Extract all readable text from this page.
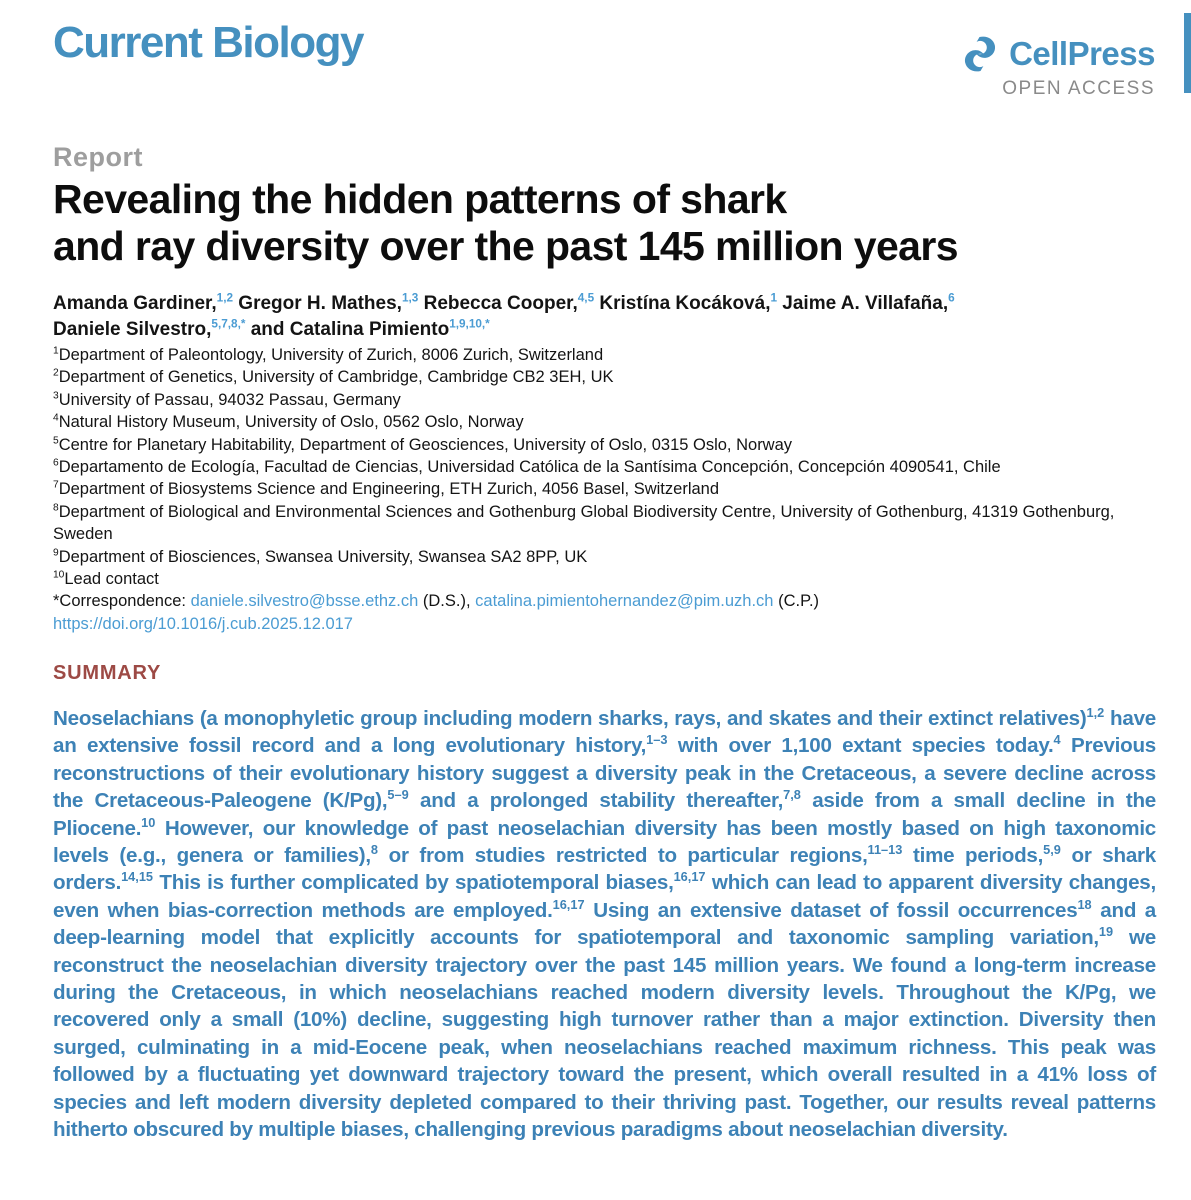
Current Biology	CellPress
OPEN ACCESS
Report
Revealing the hidden patterns of shark
and ray diversity over the past 145 million years
Amanda Gardiner,$^{1,2}$ Gregor H. Mathes,$^{1,3}$ Rebecca Cooper,$^{4,5}$ Kristína Kocáková,$^1$ Jaime A. Villafaña,$^6$
Daniele Silvestro,$^{5,7,8,*}$ and Catalina Pimiento$^{1,9,10,*}$
$^1$Department of Paleontology, University of Zurich, 8006 Zurich, Switzerland
$^2$Department of Genetics, University of Cambridge, Cambridge CB2 3EH, UK
$^3$University of Passau, 94032 Passau, Germany
$^4$Natural History Museum, University of Oslo, 0562 Oslo, Norway
$^5$Centre for Planetary Habitability, Department of Geosciences, University of Oslo, 0315 Oslo, Norway
$^6$Departamento de Ecología, Facultad de Ciencias, Universidad Católica de la Santísima Concepción, Concepción 4090541, Chile
$^7$Department of Biosystems Science and Engineering, ETH Zurich, 4056 Basel, Switzerland
$^8$Department of Biological and Environmental Sciences and Gothenburg Global Biodiversity Centre, University of Gothenburg, 41319 Gothenburg, Sweden
$^9$Department of Biosciences, Swansea University, Swansea SA2 8PP, UK
$^{10}$Lead contact
*Correspondence: daniele.silvestro@bsse.ethz.ch (D.S.), catalina.pimientohernandez@pim.uzh.ch (C.P.)
https://doi.org/10.1016/j.cub.2025.12.017
SUMMARY
Neoselachians (a monophyletic group including modern sharks, rays, and skates and their extinct relatives)$^{1,2}$ have an extensive fossil record and a long evolutionary history,$^{1-3}$ with over 1,100 extant species today.$^4$ Previous reconstructions of their evolutionary history suggest a diversity peak in the Cretaceous, a severe decline across the Cretaceous-Paleogene (K/Pg),$^{5-9}$ and a prolonged stability thereafter,$^{7,8}$ aside from a small decline in the Pliocene.$^{10}$ However, our knowledge of past neoselachian diversity has been mostly based on high taxonomic levels (e.g., genera or families),$^8$ or from studies restricted to particular regions,$^{11-13}$ time periods,$^{5,9}$ or shark orders.$^{14,15}$ This is further complicated by spatiotemporal biases,$^{16,17}$ which can lead to apparent diversity changes, even when bias-correction methods are employed.$^{16,17}$ Using an extensive dataset of fossil occurrences$^{18}$ and a deep-learning model that explicitly accounts for spatiotemporal and taxonomic sampling variation,$^{19}$ we reconstruct the neoselachian diversity trajectory over the past 145 million years. We found a long-term increase during the Cretaceous, in which neoselachians reached modern diversity levels. Throughout the K/Pg, we recovered only a small (10%) decline, suggesting high turnover rather than a major extinction. Diversity then surged, culminating in a mid-Eocene peak, when neoselachians reached maximum richness. This peak was followed by a fluctuating yet downward trajectory toward the present, which overall resulted in a 41% loss of species and left modern diversity depleted compared to their thriving past. Together, our results reveal patterns hitherto obscured by multiple biases, challenging previous paradigms about neoselachian diversity.
